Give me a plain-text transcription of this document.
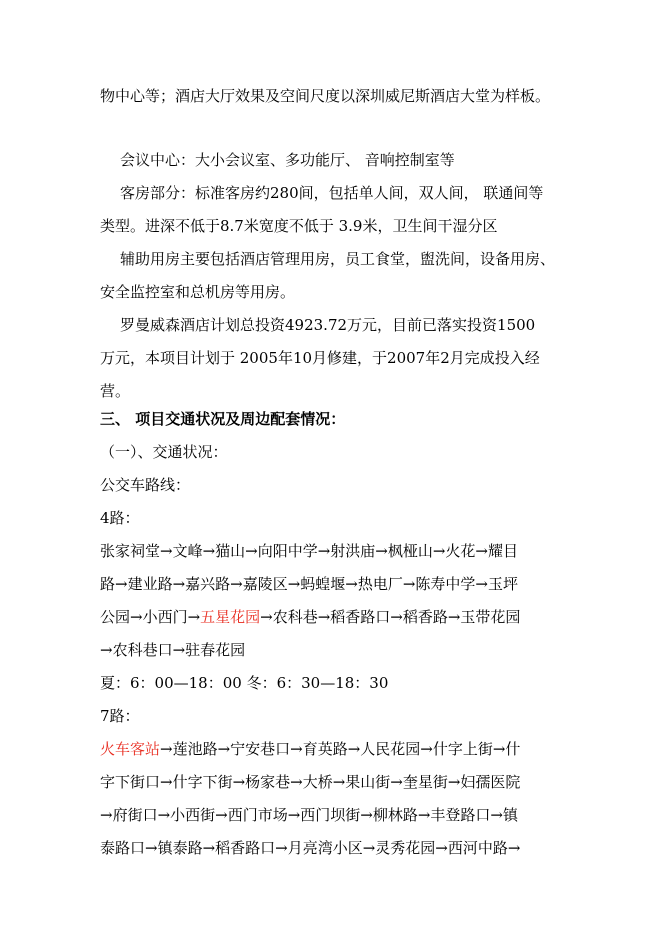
物中心等；酒店大厅效果及空间尺度以深圳威尼斯酒店大堂为样板。
会议中心：大小会议室、多功能厅、 音响控制室等
客房部分：标准客房约280间，包括单人间，双人间， 联通间等
类型。进深不低于8.7米宽度不低于 3.9米，卫生间干湿分区
辅助用房主要包括酒店管理用房，员工食堂，盥洗间，设备用房、
安全监控室和总机房等用房。
罗曼威森酒店计划总投资4923.72万元，目前已落实投资1500
万元，本项目计划于 2005年10月修建，于2007年2月完成投入经
营。
三、 项目交通状况及周边配套情况：
（一）、交通状况：
公交车路线：
4路：
张家祠堂→文峰→猫山→向阳中学→射洪庙→枫桠山→火花→耀目
路→建业路→嘉兴路→嘉陵区→蚂蝗堰→热电厂→陈寿中学→玉坪
公园→小西门→五星花园→农科巷→稻香路口→稻香路→玉带花园
→农科巷口→驻春花园
夏：6：00—18：00 冬：6：30—18：30
7路：
火车客站→莲池路→宁安巷口→育英路→人民花园→什字上街→什
字下街口→什字下街→杨家巷→大桥→果山街→奎星街→妇孺医院
→府街口→小西街→西门市场→西门坝街→柳林路→丰登路口→镇
泰路口→镇泰路→稻香路口→月亮湾小区→灵秀花园→西河中路→
